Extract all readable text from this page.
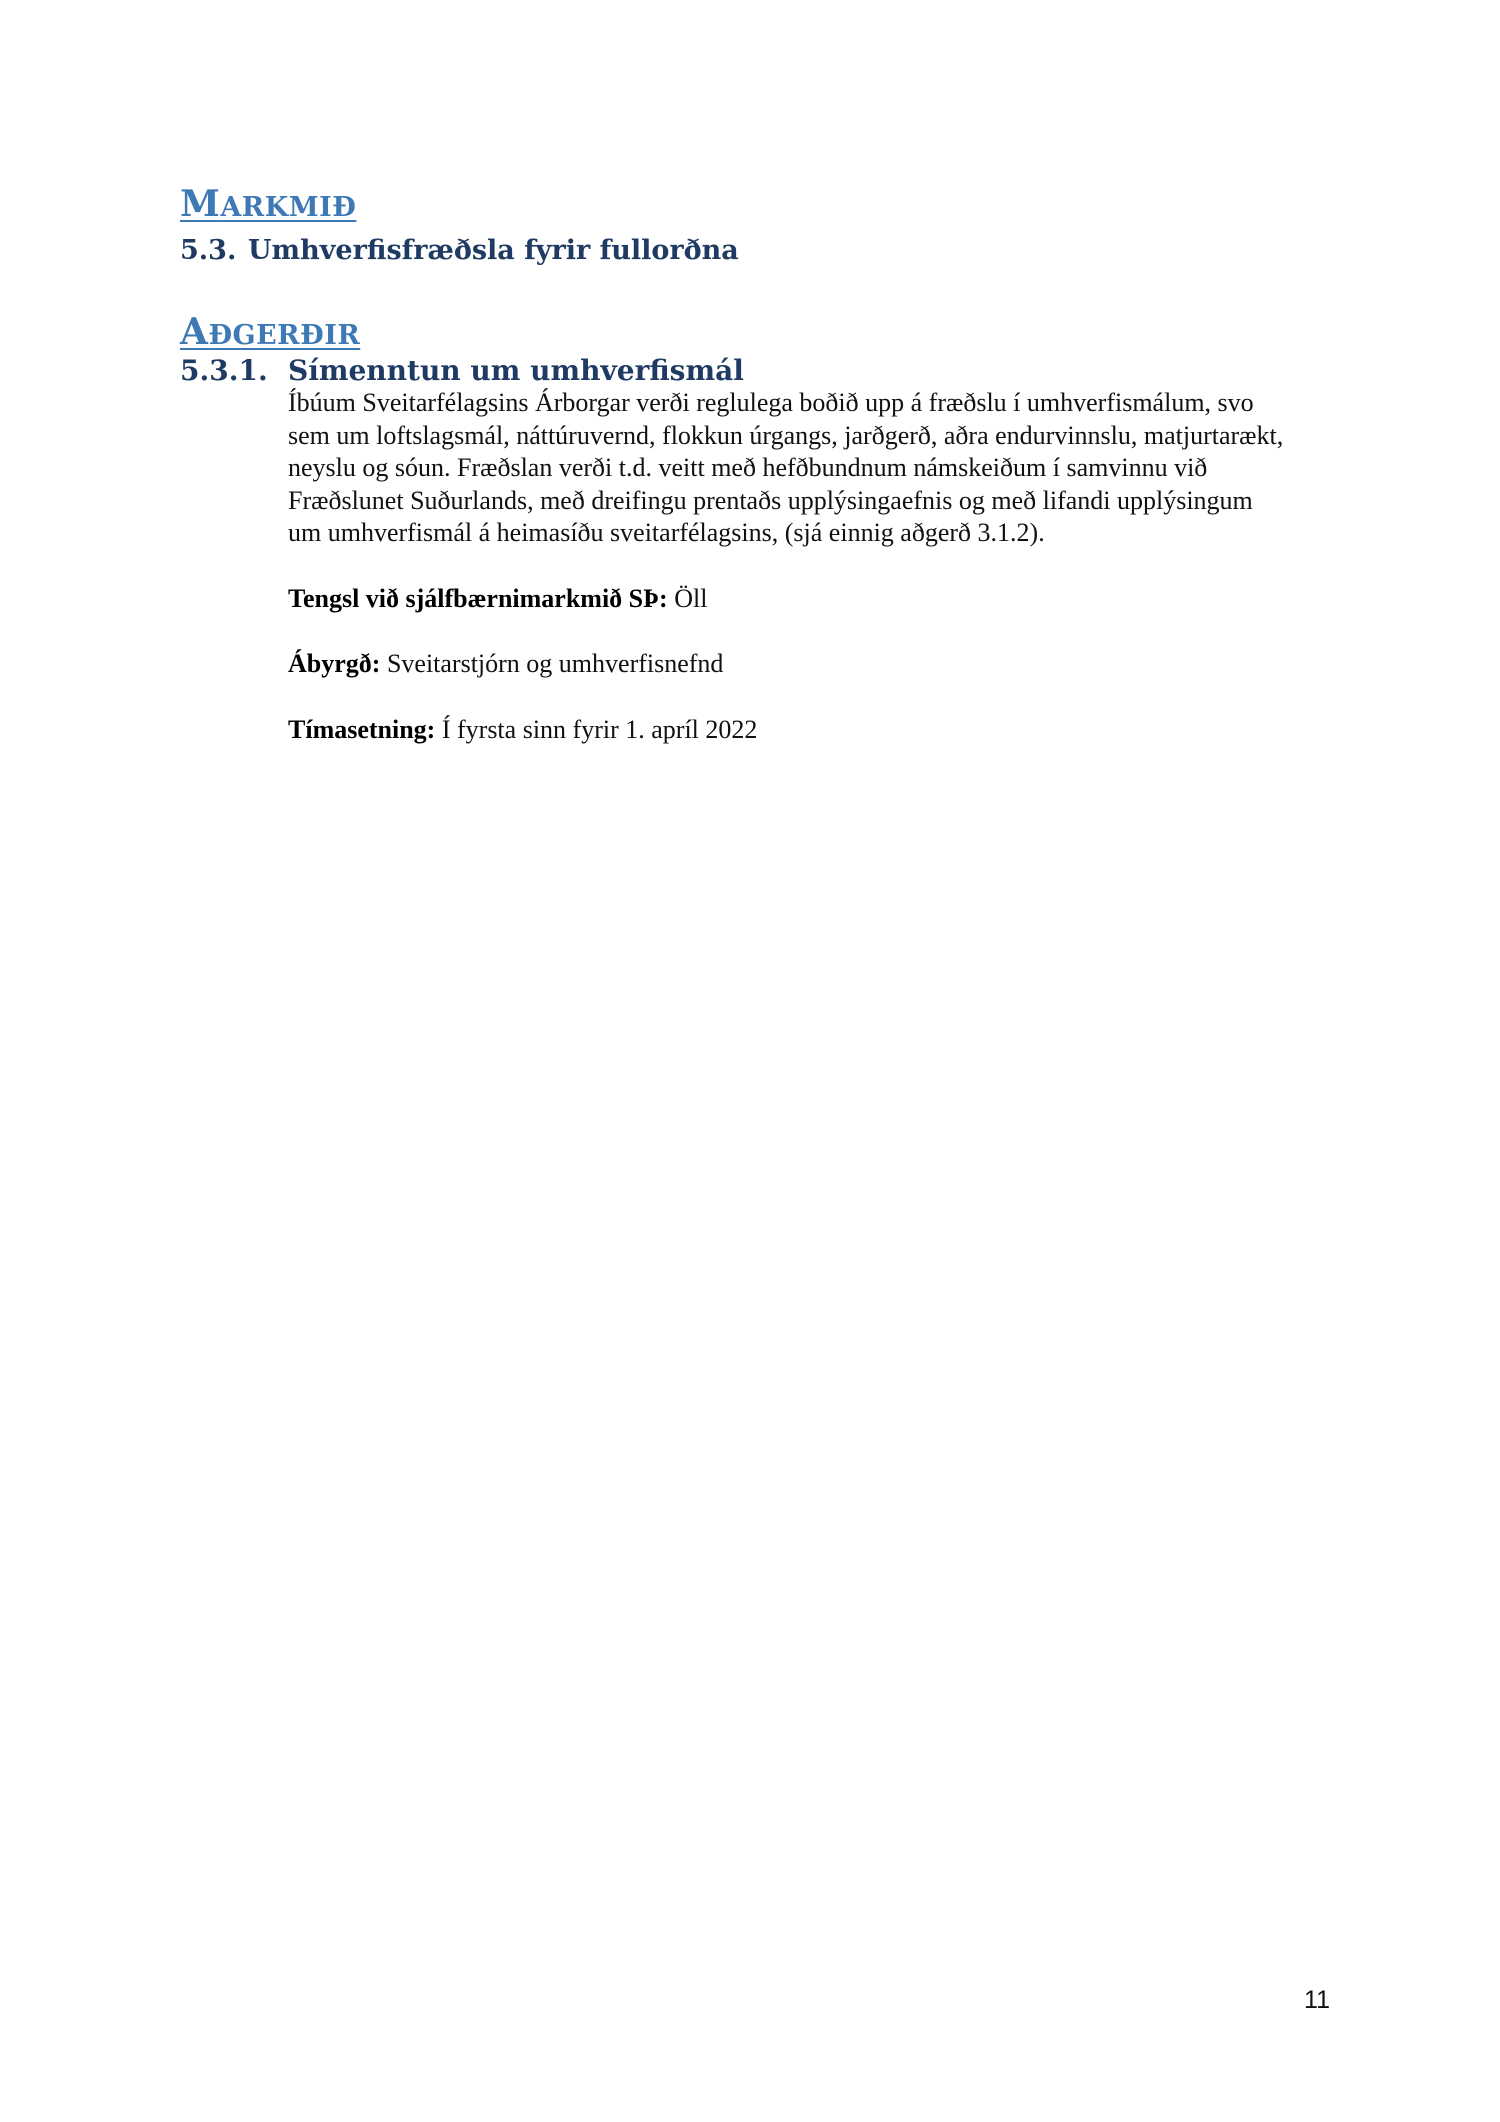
MARKMIÐ
5.3. Umhverfisfræðsla fyrir fullorðna
AÐGERÐIR
5.3.1. Símenntun um umhverfismál

Íbúum Sveitarfélagsins Árborgar verði reglulega boðið upp á fræðslu í umhverfismálum, svo sem um loftslagsmál, náttúruvernd, flokkun úrgangs, jarðgerð, aðra endurvinnslu, matjurtarækt, neyslu og sóun. Fræðslan verði t.d. veitt með hefðbundnum námskeiðum í samvinnu við Fræðslunet Suðurlands, með dreifingu prentaðs upplýsingaefnis og með lifandi upplýsingum um umhverfismál á heimasíðu sveitarfélagsins, (sjá einnig aðgerð 3.1.2).

Tengsl við sjálfbærnimarkmið SÞ: Öll

Ábyrgð: Sveitarstjórn og umhverfisnefnd

Tímasetning: Í fyrsta sinn fyrir 1. apríl 2022

11
